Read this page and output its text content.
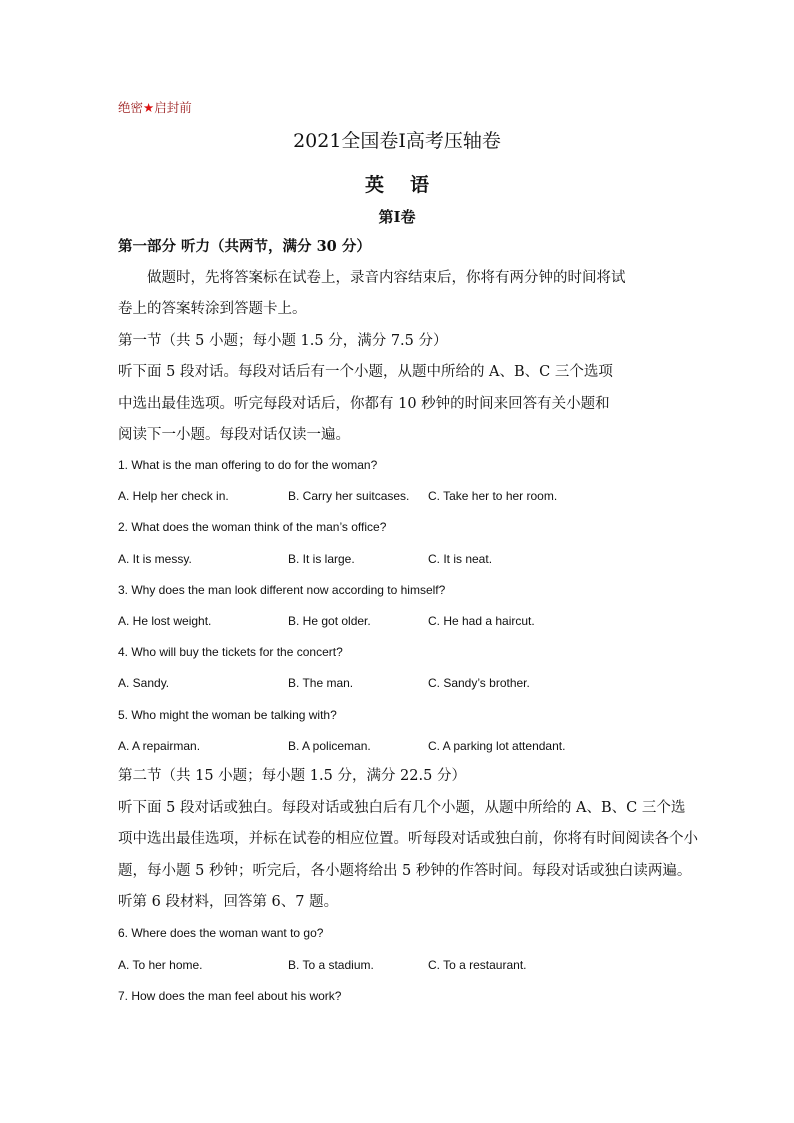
绝密★启封前
2021全国卷I高考压轴卷
英语
第I卷
第一部分 听力（共两节，满分 30 分）
做题时，先将答案标在试卷上，录音内容结束后，你将有两分钟的时间将试
卷上的答案转涂到答题卡上。
第一节（共 5 小题；每小题 1.5 分，满分 7.5 分）
听下面 5 段对话。每段对话后有一个小题，从题中所给的 A、B、C 三个选项
中选出最佳选项。听完每段对话后，你都有 10 秒钟的时间来回答有关小题和
阅读下一小题。每段对话仅读一遍。
1. What is the man offering to do for the woman?
A. Help her check in.	B. Carry her suitcases. C. Take her to her room.
2. What does the woman think of the man’s office?
A. It is messy.	B. It is large.	C. It is neat.
3. Why does the man look different now according to himself?
A. He lost weight.	B. He got older.	C. He had a haircut.
4. Who will buy the tickets for the concert?
A. Sandy.	B. The man.	C. Sandy’s brother.
5. Who might the woman be talking with?
A. A repairman.	B. A policeman.	C. A parking lot attendant.
第二节（共 15 小题；每小题 1.5 分，满分 22.5 分）
听下面 5 段对话或独白。每段对话或独白后有几个小题，从题中所给的 A、B、C 三个选
项中选出最佳选项，并标在试卷的相应位置。听每段对话或独白前，你将有时间阅读各个小
题，每小题 5 秒钟；听完后，各小题将给出 5 秒钟的作答时间。每段对话或独白读两遍。
听第 6 段材料，回答第 6、7 题。
6. Where does the woman want to go?
A. To her home.	B. To a stadium.	C. To a restaurant.
7. How does the man feel about his work?
